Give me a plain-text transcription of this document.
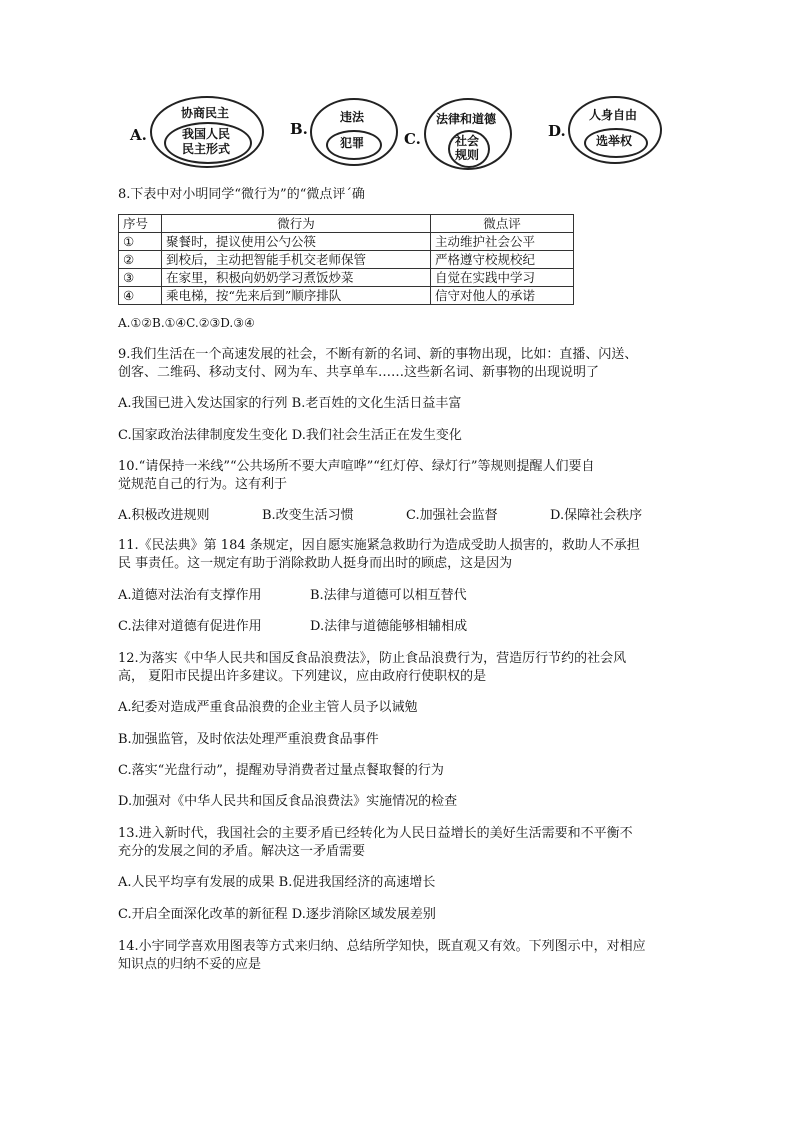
A.
协商民主
我国人民
民主形式
B.
违法
犯罪	C.
法律和道德
社会
规则
D.
人身自由
选举权
8.下表中对小明同学“微行为”的“微点评ˊ确
序号	微行为	微点评
①	聚餐时，提议使用公勺公筷	主动维护社会公平
②	到校后，主动把智能手机交老师保管	严格遵守校规校纪
③	在家里，积极向奶奶学习煮饭炒菜	自觉在实践中学习
④	乘电梯，按“先来后到”顺序排队	信守对他人的承诺
A.①②B.①④C.②③D.③④
9.我们生活在一个高速发展的社会，不断有新的名词、新的事物出现，比如：直播、闪送、
创客、二维码、移动支付、网为车、共享单车……这些新名词、新事物的出现说明了
A.我国已进入发达国家的行列 B.老百姓的文化生活日益丰富
C.国家政治法律制度发生变化 D.我们社会生活正在发生变化
10.“请保持一米线”“公共场所不要大声喧哗”“红灯停、绿灯行”等规则提醒人们要自
觉规范自己的行为。这有利于
A.积极改进规则	B.改变生活习惯	C.加强社会监督	D.保障社会秩序
11.《民法典》第 184 条规定，因自愿实施紧急救助行为造成受助人损害的，救助人不承担
民 事责任。这一规定有助于消除救助人挺身而出时的顾虑，这是因为
A.道德对法治有支撑作用	B.法律与道德可以相互替代
C.法律对道德有促进作用	D.法律与道德能够相辅相成
12.为落实《中华人民共和国反食品浪费法》，防止食品浪费行为，营造厉行节约的社会风
高， 夏阳市民提出许多建议。下列建议，应由政府行使职权的是
A.纪委对造成严重食品浪费的企业主管人员予以诫勉
B.加强监管，及时依法处理严重浪费食品事件
C.落实“光盘行动”，提醒劝导消费者过量点餐取餐的行为
D.加强对《中华人民共和国反食品浪费法》实施情况的检查
13.进入新时代，我国社会的主要矛盾已经转化为人民日益增长的美好生活需要和不平衡不
充分的发展之间的矛盾。解决这一矛盾需要
A.人民平均享有发展的成果 B.促进我国经济的高速增长
C.开启全面深化改革的新征程 D.逐步消除区域发展差别
14.小宇同学喜欢用图表等方式来归纳、总结所学知快，既直观又有效。下列图示中，对相应
知识点的归纳不妥的应是
